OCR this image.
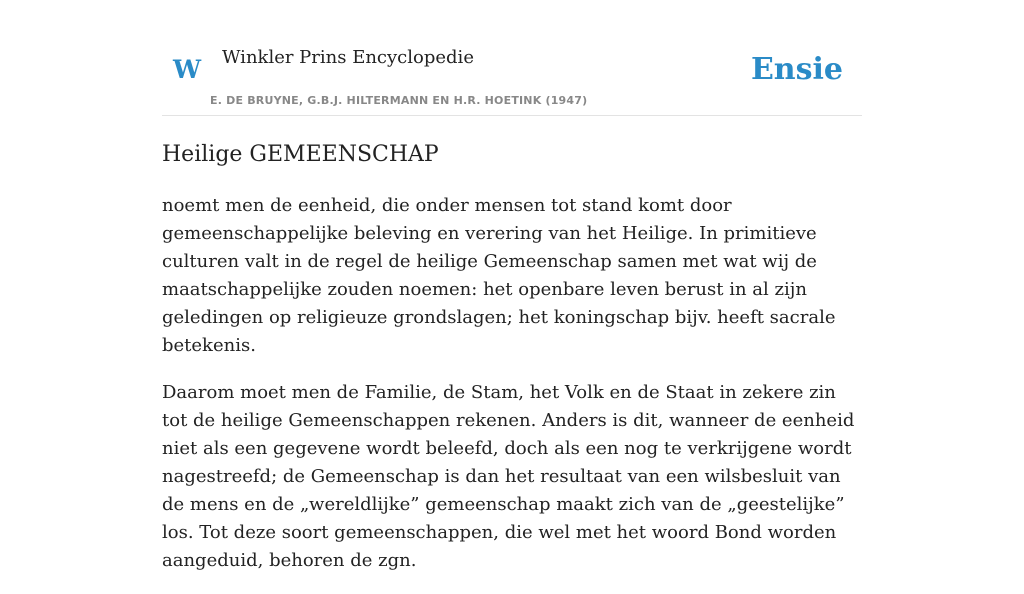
W Winkler Prins Encyclopedie
E. DE BRUYNE, G.B.J. HILTERMANN EN H.R. HOETINK (1947)
Ensie
Heilige GEMEENSCHAP

noemt men de eenheid, die onder mensen tot stand komt door gemeenschappelijke beleving en verering van het Heilige. In primitieve culturen valt in de regel de heilige Gemeenschap samen met wat wij de maatschappelijke zouden noemen: het openbare leven berust in al zijn geledingen op religieuze grondslagen; het koningschap bijv. heeft sacrale betekenis.

Daarom moet men de Familie, de Stam, het Volk en de Staat in zekere zin tot de heilige Gemeenschappen rekenen. Anders is dit, wanneer de eenheid niet als een gegevene wordt beleefd, doch als een nog te verkrijgene wordt nagestreefd; de Gemeenschap is dan het resultaat van een wilsbesluit van de mens en de „wereldlijke” gemeenschap maakt zich van de „geestelijke” los. Tot deze soort gemeenschappen, die wel met het woord Bond worden aangeduid, behoren de zgn.
